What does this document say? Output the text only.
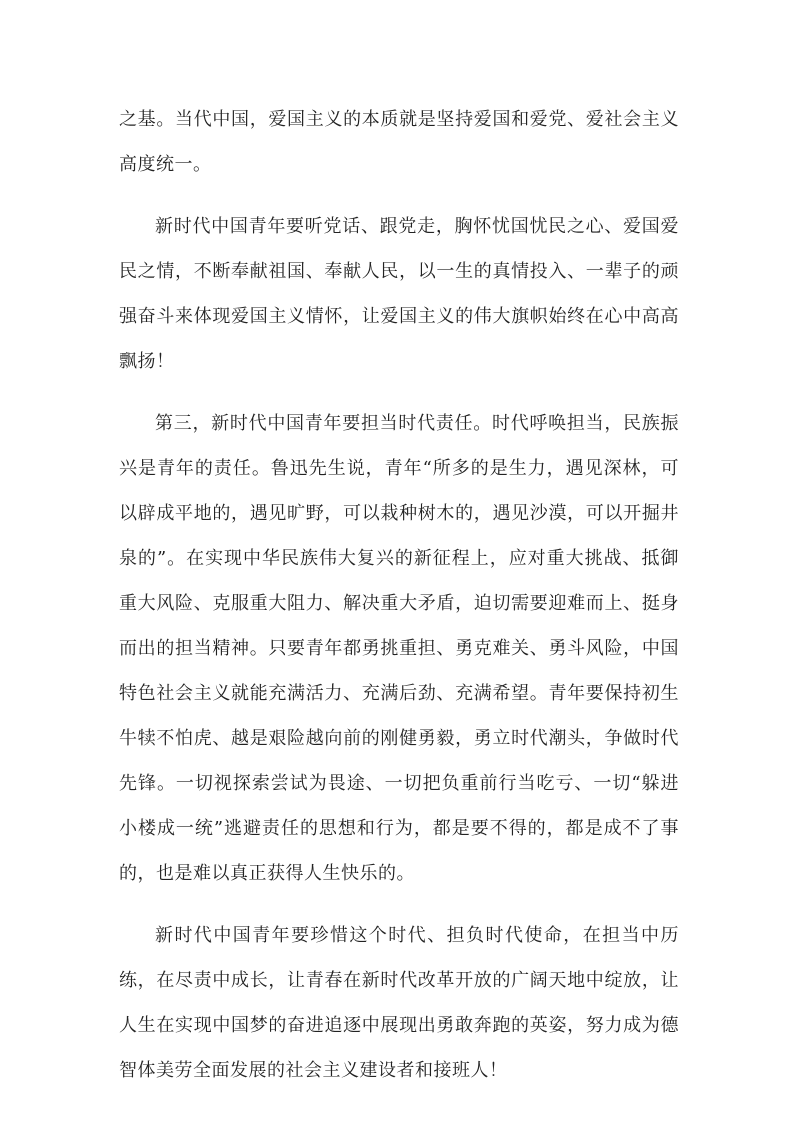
之基。当代中国，爱国主义的本质就是坚持爱国和爱党、爱社会主义高度统一。

新时代中国青年要听党话、跟党走，胸怀忧国忧民之心、爱国爱民之情，不断奉献祖国、奉献人民，以一生的真情投入、一辈子的顽强奋斗来体现爱国主义情怀，让爱国主义的伟大旗帜始终在心中高高飘扬！

第三，新时代中国青年要担当时代责任。时代呼唤担当，民族振兴是青年的责任。鲁迅先生说，青年“所多的是生力，遇见深林，可以辟成平地的，遇见旷野，可以栽种树木的，遇见沙漠，可以开掘井泉的”。在实现中华民族伟大复兴的新征程上，应对重大挑战、抵御重大风险、克服重大阻力、解决重大矛盾，迫切需要迎难而上、挺身而出的担当精神。只要青年都勇挑重担、勇克难关、勇斗风险，中国特色社会主义就能充满活力、充满后劲、充满希望。青年要保持初生牛犊不怕虎、越是艰险越向前的刚健勇毅，勇立时代潮头，争做时代先锋。一切视探索尝试为畏途、一切把负重前行当吃亏、一切“躲进小楼成一统”逃避责任的思想和行为，都是要不得的，都是成不了事的，也是难以真正获得人生快乐的。

新时代中国青年要珍惜这个时代、担负时代使命，在担当中历练，在尽责中成长，让青春在新时代改革开放的广阔天地中绽放，让人生在实现中国梦的奋进追逐中展现出勇敢奔跑的英姿，努力成为德智体美劳全面发展的社会主义建设者和接班人！
